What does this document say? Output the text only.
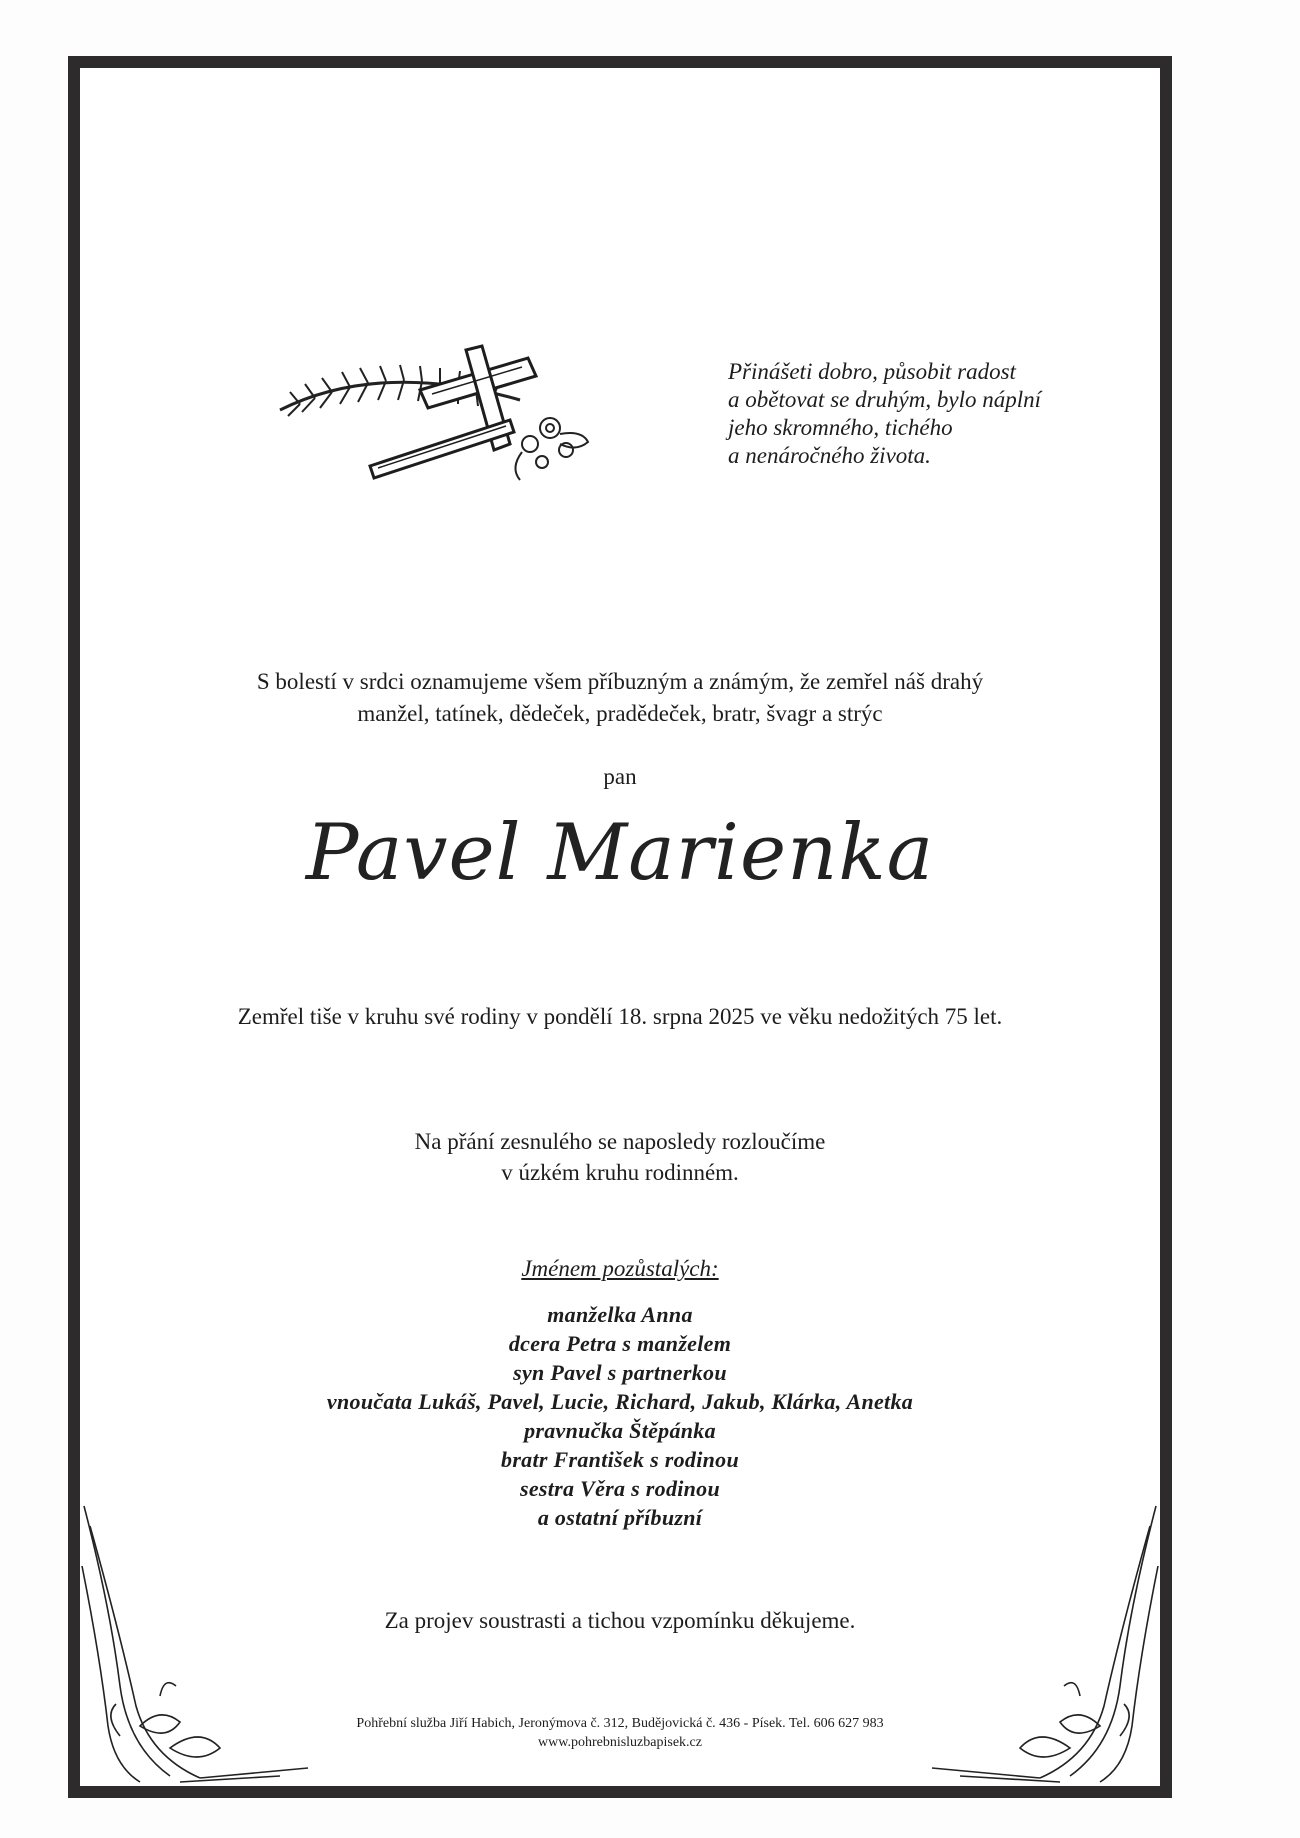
Přinášeti dobro, působit radost
a obětovat se druhým, bylo náplní
jeho skromného, tichého
a nenáročného života.
S bolestí v srdci oznamujeme všem příbuzným a známým, že zemřel náš drahý
manžel, tatínek, dědeček, pradědeček, bratr, švagr a strýc
pan
Pavel Marienka
Zemřel tiše v kruhu své rodiny v pondělí 18. srpna 2025 ve věku nedožitých 75 let.
Na přání zesnulého se naposledy rozloučíme
v úzkém kruhu rodinném.
Jménem pozůstalých:
manželka Anna
dcera Petra s manželem
syn Pavel s partnerkou
vnoučata Lukáš, Pavel, Lucie, Richard, Jakub, Klárka, Anetka
pravnučka Štěpánka
bratr František s rodinou
sestra Věra s rodinou
a ostatní příbuzní
Za projev soustrasti a tichou vzpomínku děkujeme.
Pohřební služba Jiří Habich, Jeronýmova č. 312, Budějovická č. 436 - Písek. Tel. 606 627 983
www.pohrebnisluzbapisek.cz
